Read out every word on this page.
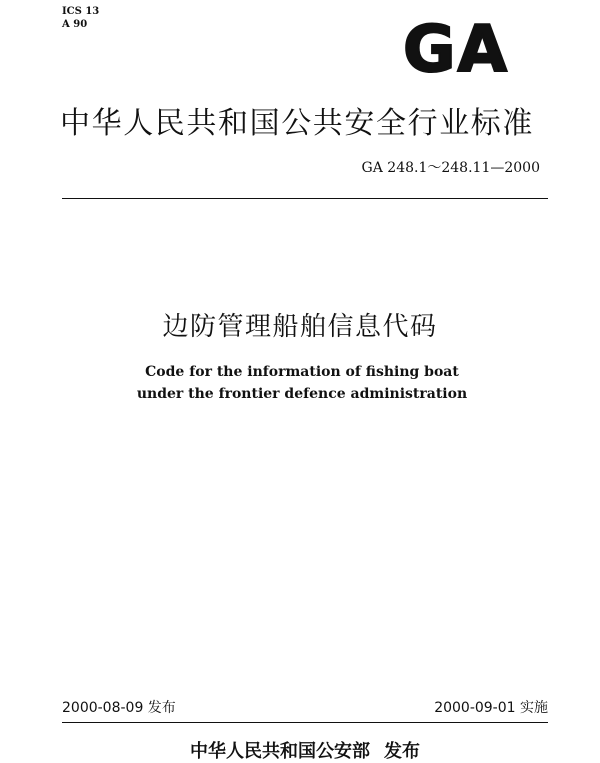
ICS 13
A 90	GA
中华人民共和国公共安全行业标准
GA 248.1～248.11—2000
边防管理船舶信息代码
Code for the information of fishing boat
under the frontier defence administration
2000-08-09 发布	2000-09-01 实施
中华人民共和国公安部 发布
